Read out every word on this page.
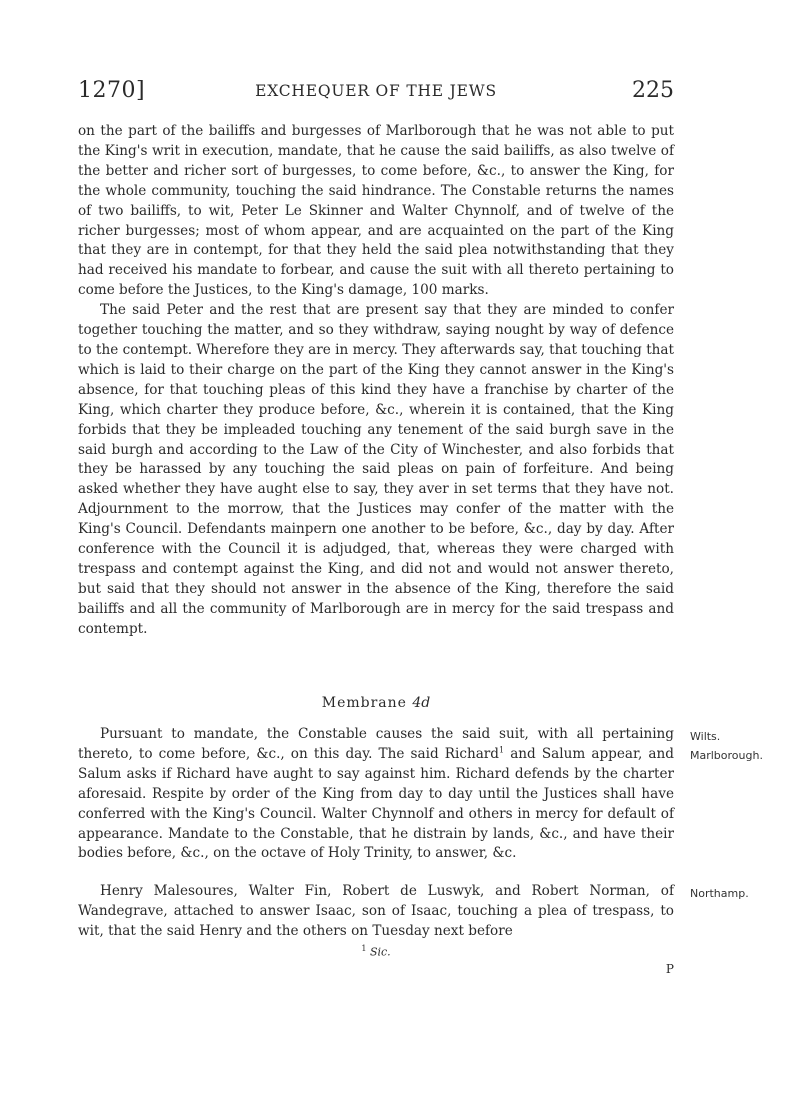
1270]	EXCHEQUER OF THE JEWS	225

on the part of the bailiffs and burgesses of Marlborough that he was not able to put the King's writ in execution, mandate, that he cause the said bailiffs, as also twelve of the better and richer sort of burgesses, to come before, &c., to answer the King, for the whole community, touching the said hindrance. The Constable returns the names of two bailiffs, to wit, Peter Le Skinner and Walter Chynnolf, and of twelve of the richer burgesses; most of whom appear, and are acquainted on the part of the King that they are in contempt, for that they held the said plea notwithstanding that they had received his mandate to forbear, and cause the suit with all thereto pertaining to come before the Justices, to the King's damage, 100 marks.

The said Peter and the rest that are present say that they are minded to confer together touching the matter, and so they withdraw, saying nought by way of defence to the contempt. Wherefore they are in mercy. They afterwards say, that touching that which is laid to their charge on the part of the King they cannot answer in the King's absence, for that touching pleas of this kind they have a franchise by charter of the King, which charter they produce before, &c., wherein it is contained, that the King forbids that they be impleaded touching any tenement of the said burgh save in the said burgh and according to the Law of the City of Winchester, and also forbids that they be harassed by any touching the said pleas on pain of forfeiture. And being asked whether they have aught else to say, they aver in set terms that they have not. Adjournment to the morrow, that the Justices may confer of the matter with the King's Council. Defendants mainpern one another to be before, &c., day by day. After conference with the Council it is adjudged, that, whereas they were charged with trespass and contempt against the King, and did not and would not answer thereto, but said that they should not answer in the absence of the King, therefore the said bailiffs and all the community of Marlborough are in mercy for the said trespass and contempt.

Membrane 4d

Pursuant to mandate, the Constable causes the said suit, with all pertaining thereto, to come before, &c., on this day. The said Richard$^1$ and Salum appear, and Salum asks if Richard have aught to say against him. Richard defends by the charter aforesaid. Respite by order of the King from day to day until the Justices shall have conferred with the King's Council. Walter Chynnolf and others in mercy for default of appearance. Mandate to the Constable, that he distrain by lands, &c., and have their bodies before, &c., on the octave of Holy Trinity, to answer, &c.

Wilts.
Marlborough.

Henry Malesoures, Walter Fin, Robert de Luswyk, and Robert Norman, of Wandegrave, attached to answer Isaac, son of Isaac, touching a plea of trespass, to wit, that the said Henry and the others on Tuesday next before

Northamp.
$^1$ Sic.
P
